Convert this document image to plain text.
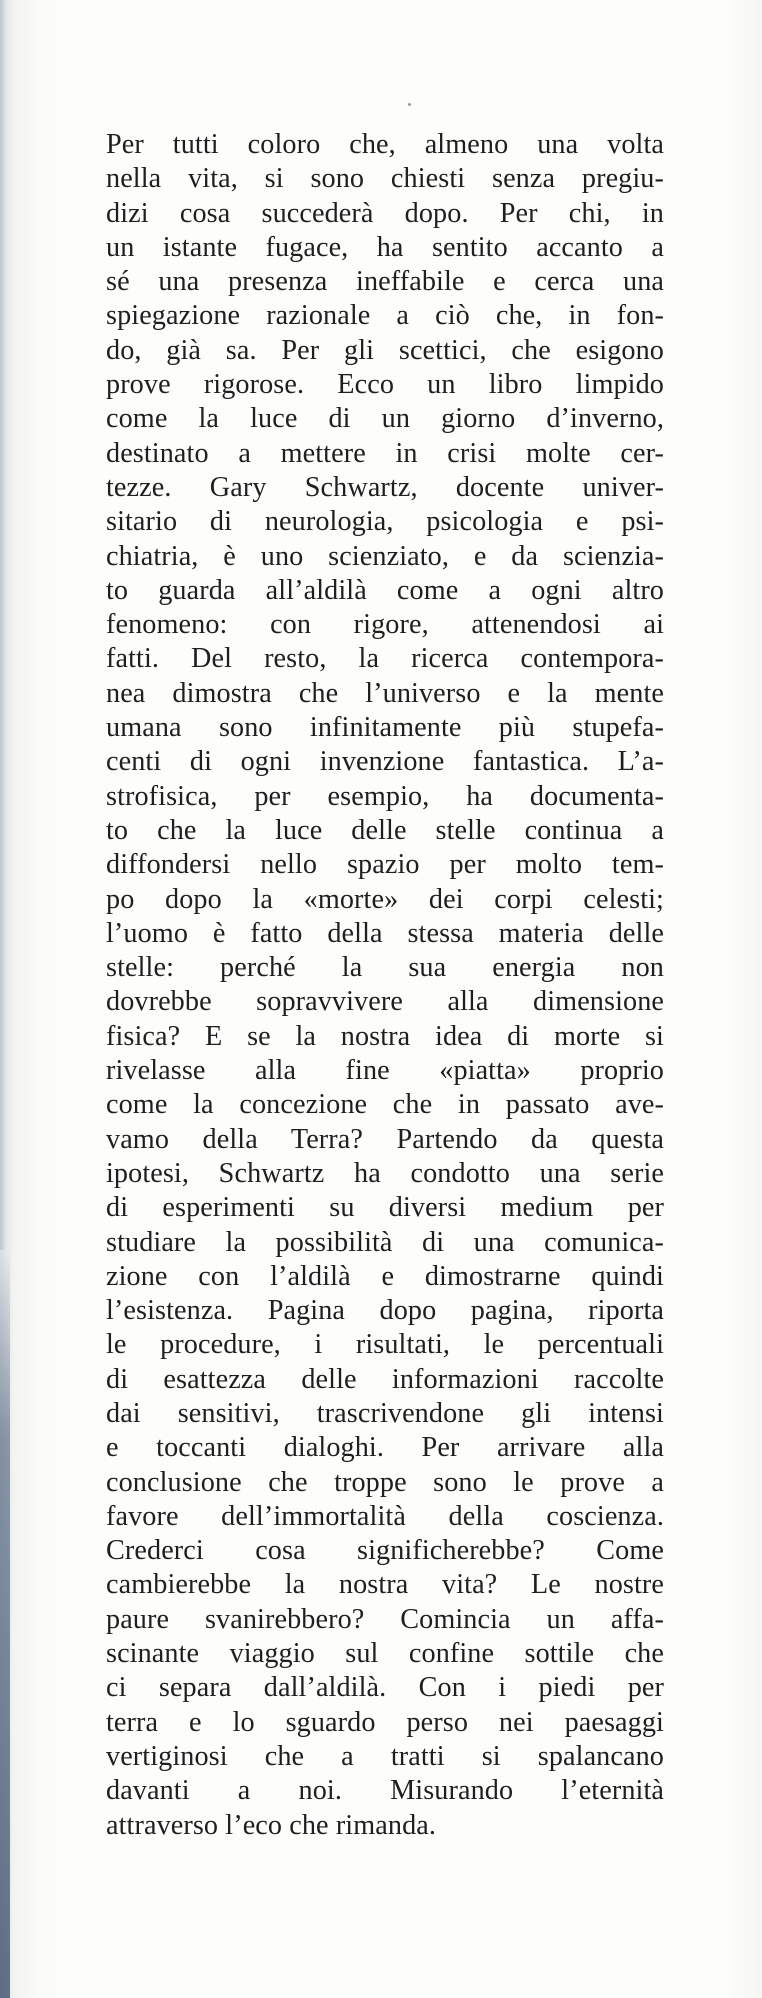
Per tutti coloro che, almeno una volta
nella vita, si sono chiesti senza pregiu-
dizi cosa succederà dopo. Per chi, in
un istante fugace, ha sentito accanto a
sé una presenza ineffabile e cerca una
spiegazione razionale a ciò che, in fon-
do, già sa. Per gli scettici, che esigono
prove rigorose. Ecco un libro limpido
come la luce di un giorno d’inverno,
destinato a mettere in crisi molte cer-
tezze. Gary Schwartz, docente univer-
sitario di neurologia, psicologia e psi-
chiatria, è uno scienziato, e da scienzia-
to guarda all’aldilà come a ogni altro
fenomeno: con rigore, attenendosi ai
fatti. Del resto, la ricerca contempora-
nea dimostra che l’universo e la mente
umana sono infinitamente più stupefa-
centi di ogni invenzione fantastica. L’a-
strofisica, per esempio, ha documenta-
to che la luce delle stelle continua a
diffondersi nello spazio per molto tem-
po dopo la «morte» dei corpi celesti;
l’uomo è fatto della stessa materia delle
stelle: perché la sua energia non
dovrebbe sopravvivere alla dimensione
fisica? E se la nostra idea di morte si
rivelasse alla fine «piatta» proprio
come la concezione che in passato ave-
vamo della Terra? Partendo da questa
ipotesi, Schwartz ha condotto una serie
di esperimenti su diversi medium per
studiare la possibilità di una comunica-
zione con l’aldilà e dimostrarne quindi
l’esistenza. Pagina dopo pagina, riporta
le procedure, i risultati, le percentuali
di esattezza delle informazioni raccolte
dai sensitivi, trascrivendone gli intensi
e toccanti dialoghi. Per arrivare alla
conclusione che troppe sono le prove a
favore dell’immortalità della coscienza.
Crederci cosa significherebbe? Come
cambierebbe la nostra vita? Le nostre
paure svanirebbero? Comincia un affa-
scinante viaggio sul confine sottile che
ci separa dall’aldilà. Con i piedi per
terra e lo sguardo perso nei paesaggi
vertiginosi che a tratti si spalancano
davanti a noi. Misurando l’eternità
attraverso l’eco che rimanda.
